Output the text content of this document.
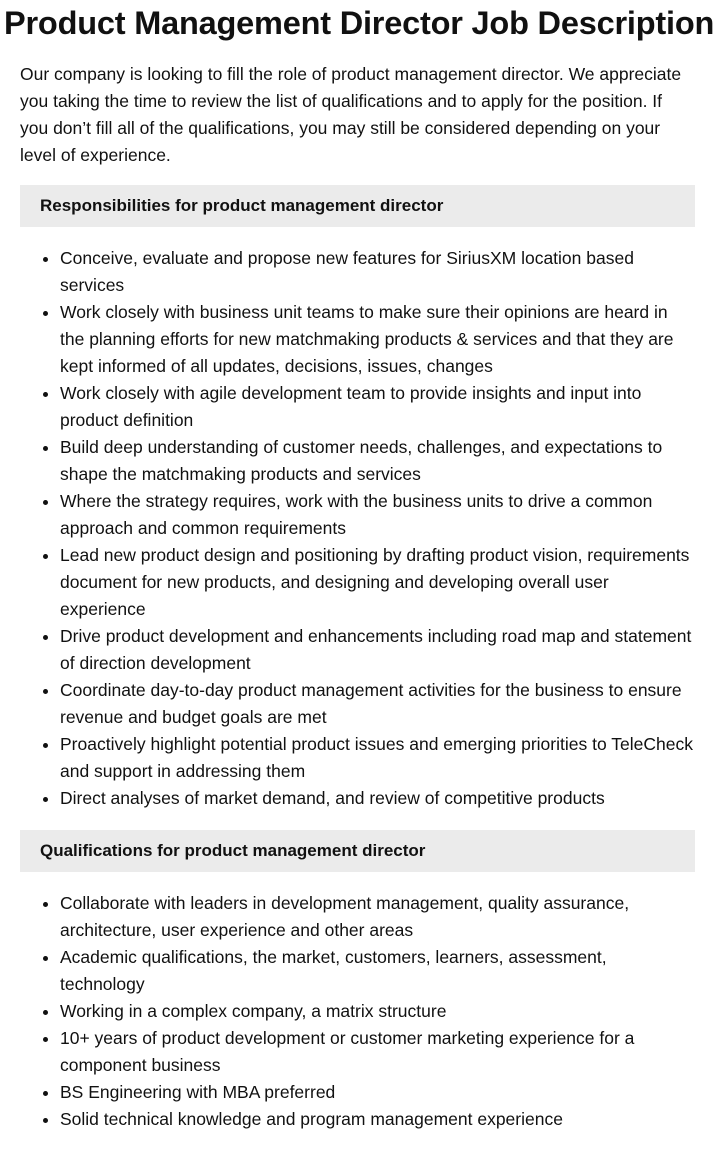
Product Management Director Job Description

Our company is looking to fill the role of product management director. We appreciate you taking the time to review the list of qualifications and to apply for the position. If you don’t fill all of the qualifications, you may still be considered depending on your level of experience.

Responsibilities for product management director
• Conceive, evaluate and propose new features for SiriusXM location based services
• Work closely with business unit teams to make sure their opinions are heard in the planning efforts for new matchmaking products & services and that they are kept informed of all updates, decisions, issues, changes
• Work closely with agile development team to provide insights and input into product definition
• Build deep understanding of customer needs, challenges, and expectations to shape the matchmaking products and services
• Where the strategy requires, work with the business units to drive a common approach and common requirements
• Lead new product design and positioning by drafting product vision, requirements document for new products, and designing and developing overall user experience
• Drive product development and enhancements including road map and statement of direction development
• Coordinate day-to-day product management activities for the business to ensure revenue and budget goals are met
• Proactively highlight potential product issues and emerging priorities to TeleCheck and support in addressing them
• Direct analyses of market demand, and review of competitive products
Qualifications for product management director
• Collaborate with leaders in development management, quality assurance, architecture, user experience and other areas
• Academic qualifications, the market, customers, learners, assessment, technology
• Working in a complex company, a matrix structure
• 10+ years of product development or customer marketing experience for a component business
• BS Engineering with MBA preferred
• Solid technical knowledge and program management experience
